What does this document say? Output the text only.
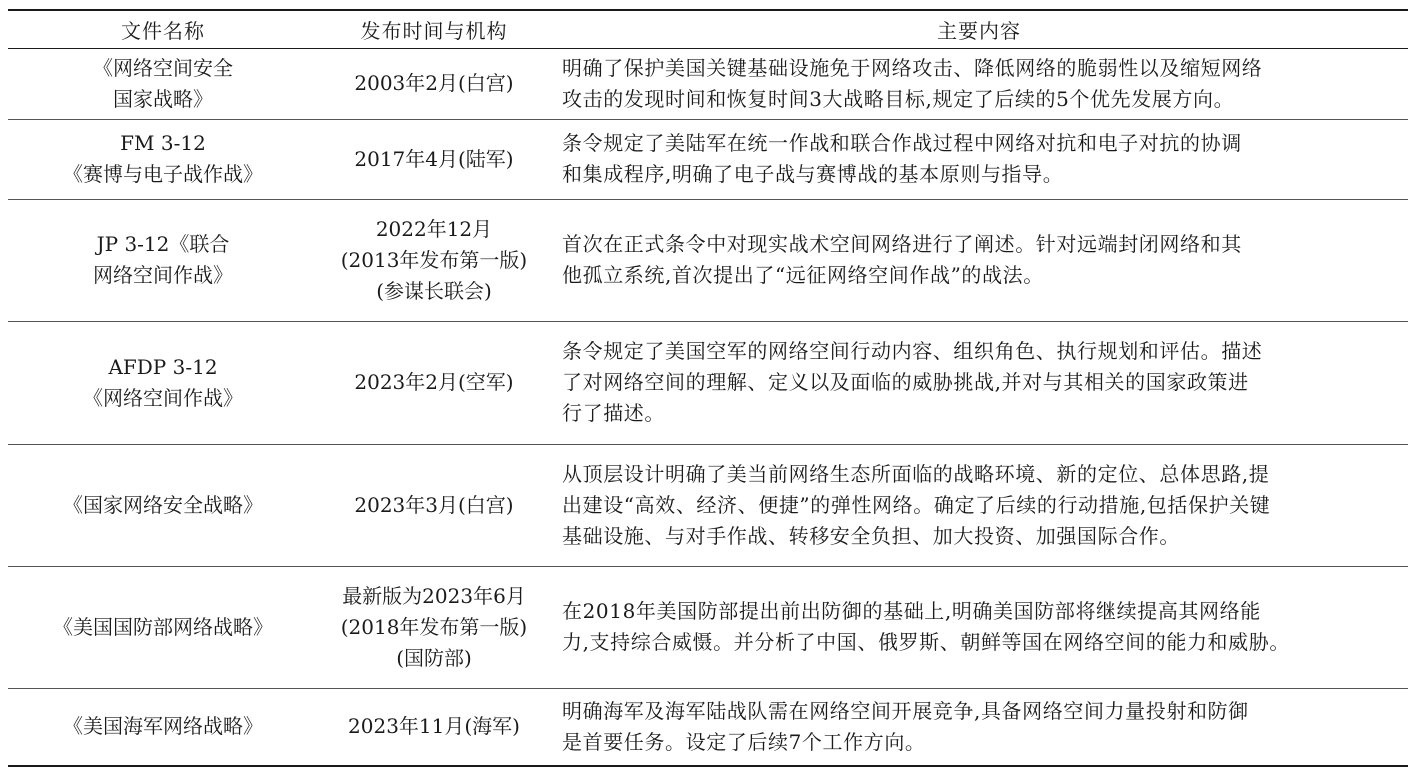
文件名称	发布时间与机构	主要内容

《网络空间安全
国家战略》	2003年2月(白宫)	明确了保护美国关键基础设施免于网络攻击、降低网络的脆弱性以及缩短网络
攻击的发现时间和恢复时间3大战略目标,规定了后续的5个优先发展方向。

FM 3-12
《赛博与电子战作战》	2017年4月(陆军)	条令规定了美陆军在统一作战和联合作战过程中网络对抗和电子对抗的协调
和集成程序,明确了电子战与赛博战的基本原则与指导。

JP 3-12《联合
网络空间作战》	2022年12月
(2013年发布第一版)
(参谋长联会)	首次在正式条令中对现实战术空间网络进行了阐述。针对远端封闭网络和其
他孤立系统,首次提出了“远征网络空间作战”的战法。

AFDP 3-12
《网络空间作战》	2023年2月(空军)	条令规定了美国空军的网络空间行动内容、组织角色、执行规划和评估。描述
了对网络空间的理解、定义以及面临的威胁挑战,并对与其相关的国家政策进
行了描述。

《国家网络安全战略》	2023年3月(白宫)	从顶层设计明确了美当前网络生态所面临的战略环境、新的定位、总体思路,提
出建设“高效、经济、便捷”的弹性网络。确定了后续的行动措施,包括保护关键
基础设施、与对手作战、转移安全负担、加大投资、加强国际合作。

《美国国防部网络战略》	最新版为2023年6月
(2018年发布第一版)
(国防部)	在2018年美国防部提出前出防御的基础上,明确美国防部将继续提高其网络能
力,支持综合威慑。并分析了中国、俄罗斯、朝鲜等国在网络空间的能力和威胁。

《美国海军网络战略》	2023年11月(海军)	明确海军及海军陆战队需在网络空间开展竞争,具备网络空间力量投射和防御
是首要任务。设定了后续7个工作方向。
